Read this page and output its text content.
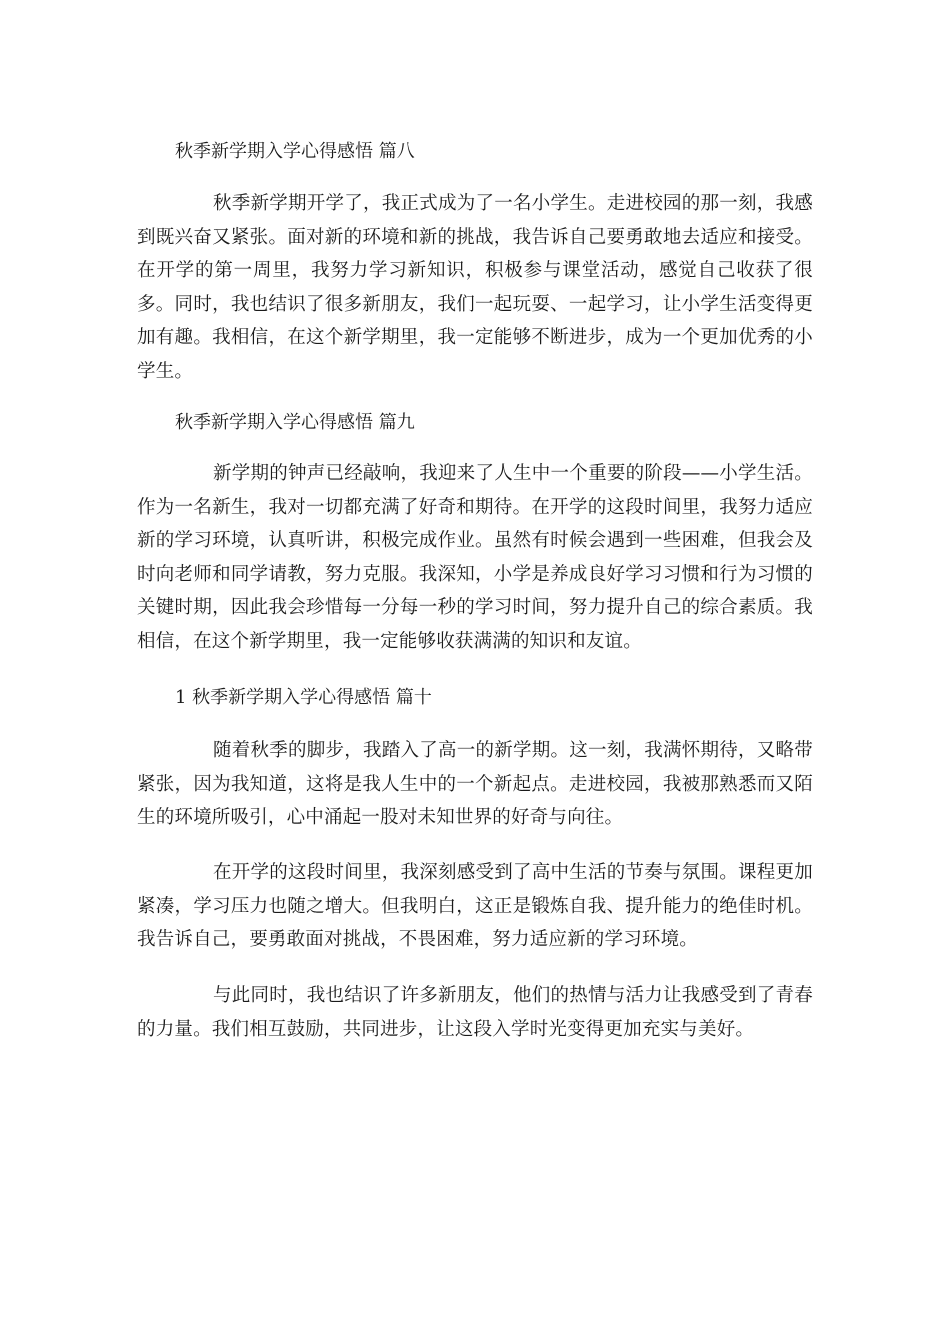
秋季新学期入学心得感悟 篇八

秋季新学期开学了，我正式成为了一名小学生。走进校园的那一刻，我感到既兴奋又紧张。面对新的环境和新的挑战，我告诉自己要勇敢地去适应和接受。在开学的第一周里，我努力学习新知识，积极参与课堂活动，感觉自己收获了很多。同时，我也结识了很多新朋友，我们一起玩耍、一起学习，让小学生活变得更加有趣。我相信，在这个新学期里，我一定能够不断进步，成为一个更加优秀的小学生。

秋季新学期入学心得感悟 篇九

新学期的钟声已经敲响，我迎来了人生中一个重要的阶段——小学生活。作为一名新生，我对一切都充满了好奇和期待。在开学的这段时间里，我努力适应新的学习环境，认真听讲，积极完成作业。虽然有时候会遇到一些困难，但我会及时向老师和同学请教，努力克服。我深知，小学是养成良好学习习惯和行为习惯的关键时期，因此我会珍惜每一分每一秒的学习时间，努力提升自己的综合素质。我相信，在这个新学期里，我一定能够收获满满的知识和友谊。

1 秋季新学期入学心得感悟 篇十

随着秋季的脚步，我踏入了高一的新学期。这一刻，我满怀期待，又略带紧张，因为我知道，这将是我人生中的一个新起点。走进校园，我被那熟悉而又陌生的环境所吸引，心中涌起一股对未知世界的好奇与向往。

在开学的这段时间里，我深刻感受到了高中生活的节奏与氛围。课程更加紧凑，学习压力也随之增大。但我明白，这正是锻炼自我、提升能力的绝佳时机。我告诉自己，要勇敢面对挑战，不畏困难，努力适应新的学习环境。

与此同时，我也结识了许多新朋友，他们的热情与活力让我感受到了青春的力量。我们相互鼓励，共同进步，让这段入学时光变得更加充实与美好。
